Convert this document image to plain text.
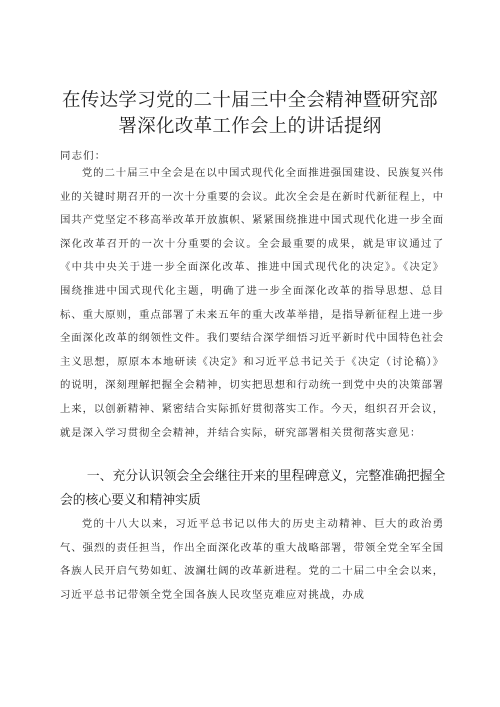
在传达学习党的二十届三中全会精神暨研究部
署深化改革工作会上的讲话提纲

同志们：

党的二十届三中全会是在以中国式现代化全面推进强国建设、民族复兴伟业的关键时期召开的一次十分重要的会议。此次全会是在新时代新征程上，中国共产党坚定不移高举改革开放旗帜、紧紧围绕推进中国式现代化进一步全面深化改革召开的一次十分重要的会议。全会最重要的成果，就是审议通过了《中共中央关于进一步全面深化改革、推进中国式现代化的决定》。《决定》围绕推进中国式现代化主题，明确了进一步全面深化改革的指导思想、总目标、重大原则，重点部署了未来五年的重大改革举措，是指导新征程上进一步全面深化改革的纲领性文件。我们要结合深学细悟习近平新时代中国特色社会主义思想，原原本本地研读《决定》和习近平总书记关于《决定（讨论稿）》的说明，深刻理解把握全会精神，切实把思想和行动统一到党中央的决策部署上来，以创新精神、紧密结合实际抓好贯彻落实工作。今天，组织召开会议，就是深入学习贯彻全会精神，并结合实际，研究部署相关贯彻落实意见：

一、充分认识领会全会继往开来的里程碑意义，完整准确把握全会的核心要义和精神实质

党的十八大以来，习近平总书记以伟大的历史主动精神、巨大的政治勇气、强烈的责任担当，作出全面深化改革的重大战略部署，带领全党全军全国各族人民开启气势如虹、波澜壮阔的改革新进程。党的二十届二中全会以来，习近平总书记带领全党全国各族人民攻坚克难应对挑战，办成
